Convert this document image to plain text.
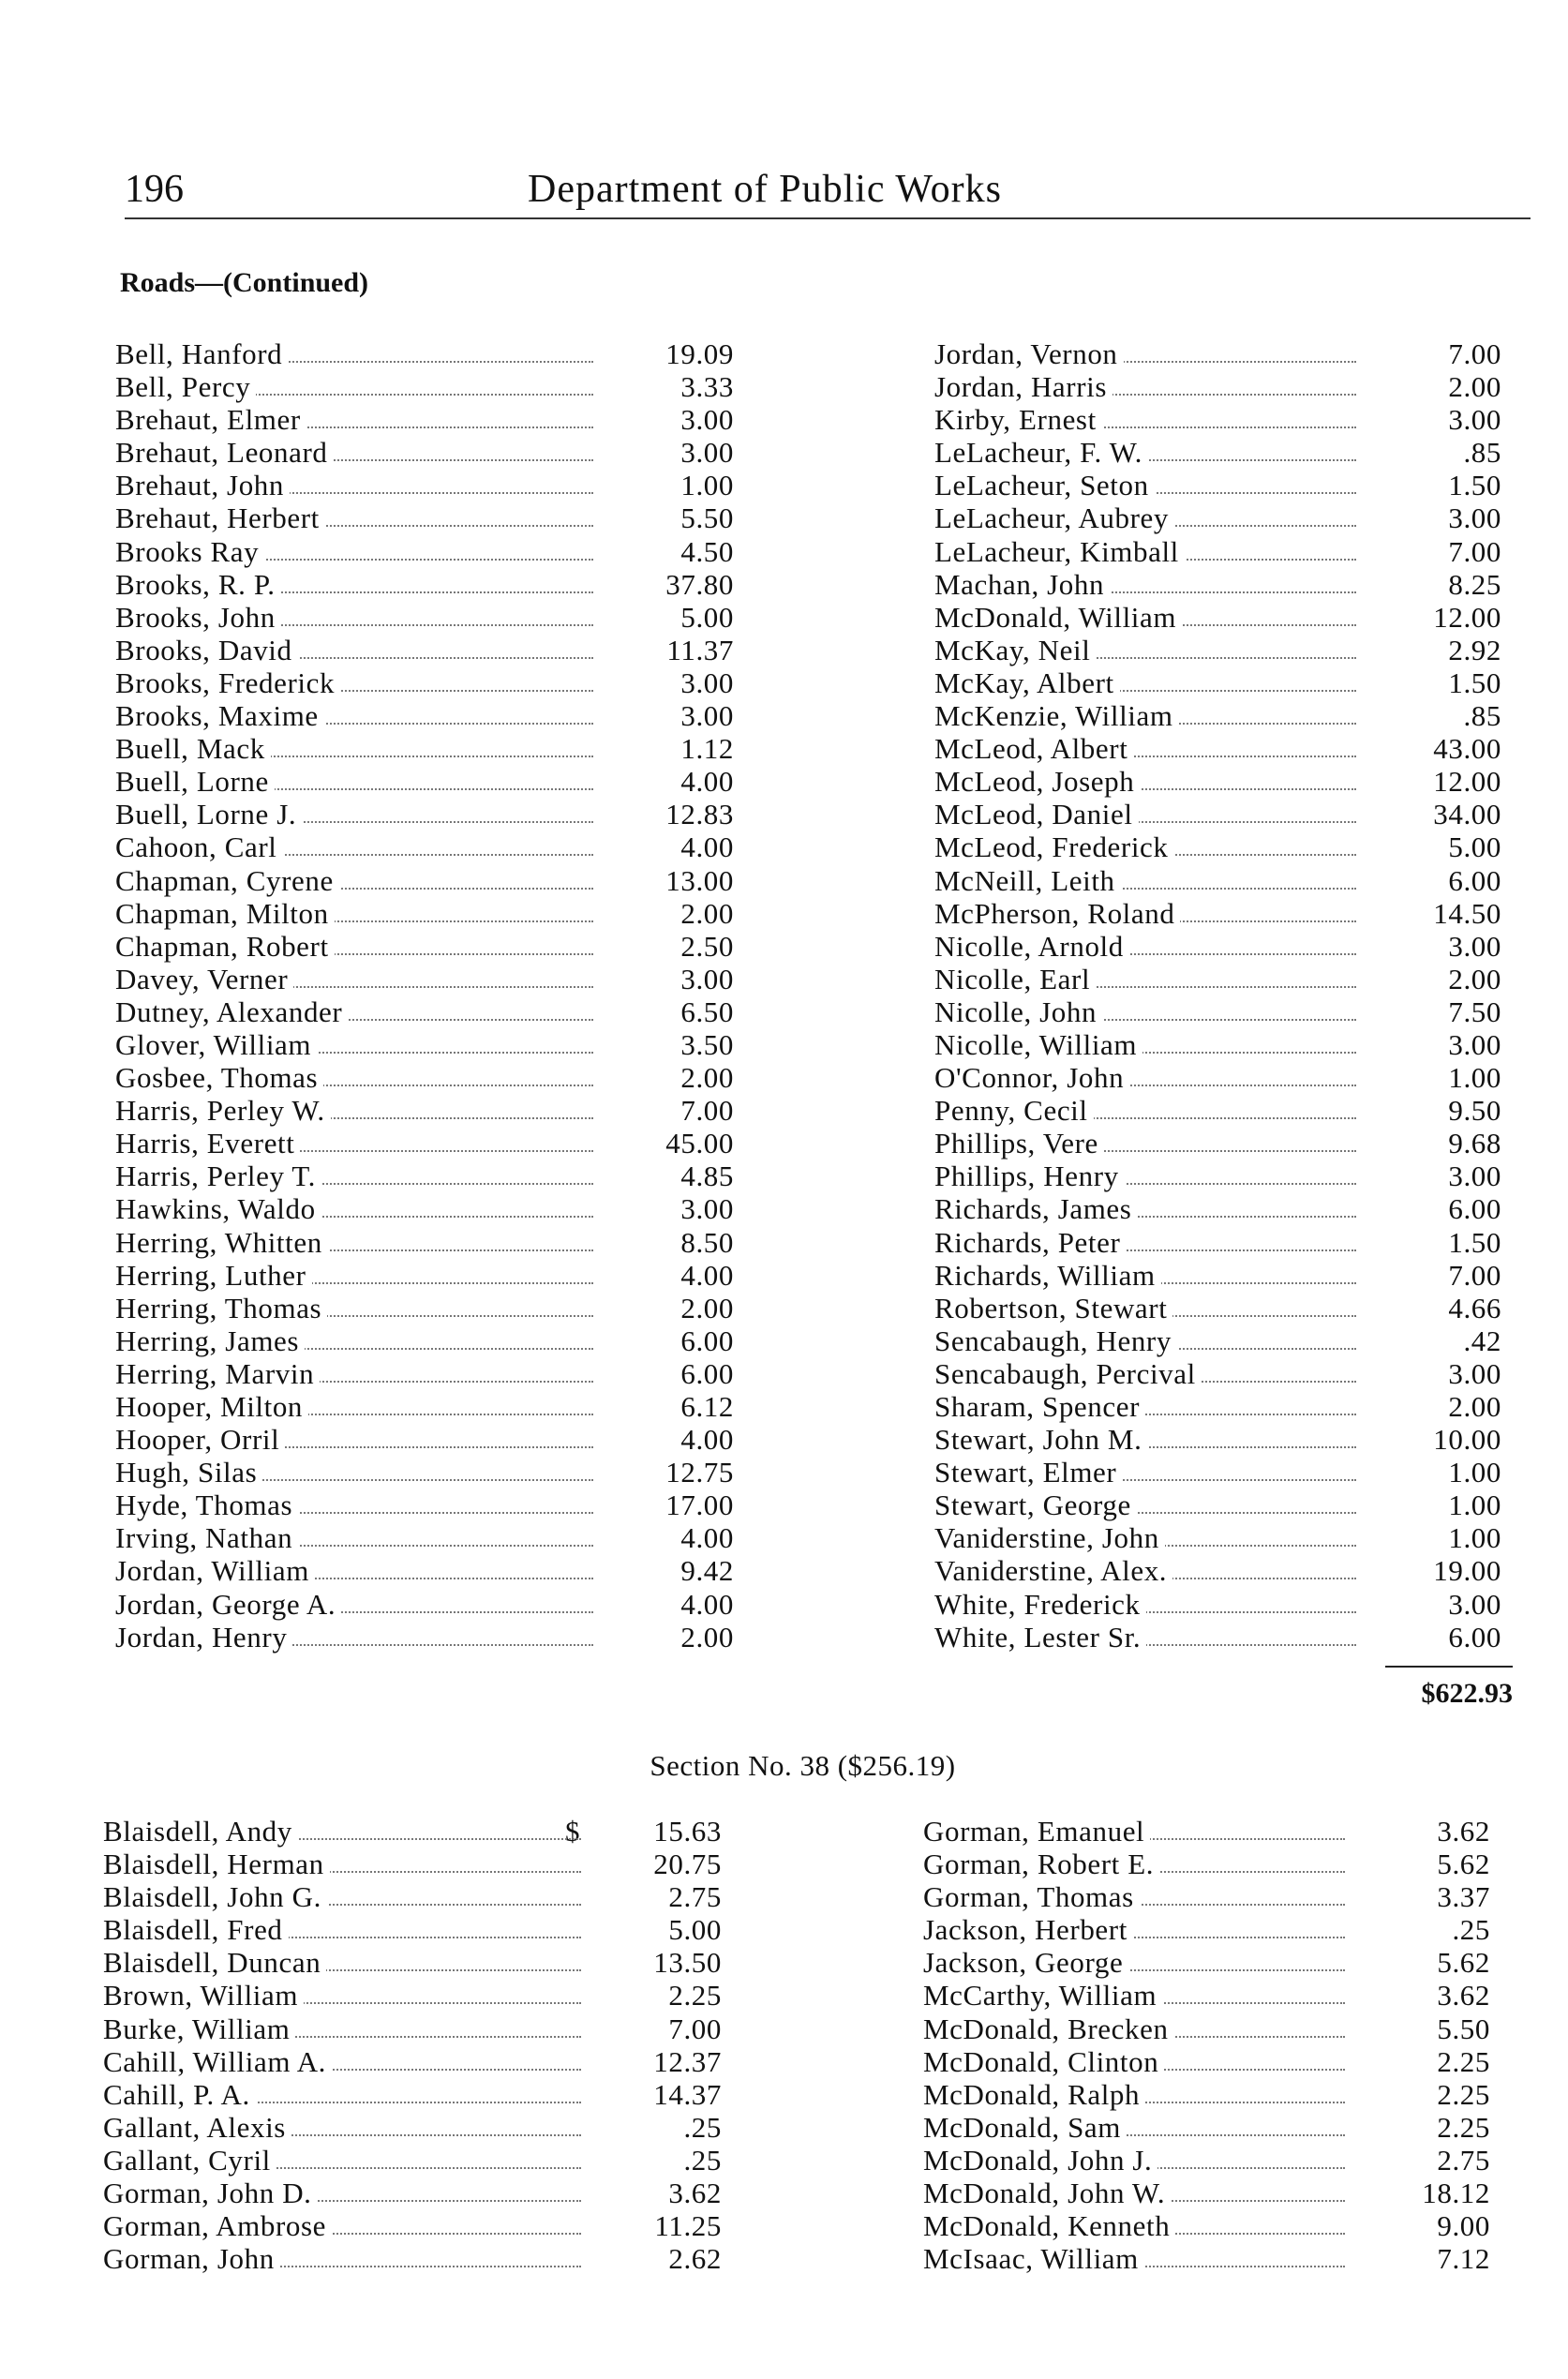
196	Department of Public Works
Roads—(Continued)
Bell, Hanford	19.09
Bell, Percy	3.33
Brehaut, Elmer	3.00
Brehaut, Leonard	3.00
Brehaut, John	1.00
Brehaut, Herbert	5.50
Brooks Ray	4.50
Brooks, R. P.	37.80
Brooks, John	5.00
Brooks, David	11.37
Brooks, Frederick	3.00
Brooks, Maxime	3.00
Buell, Mack	1.12
Buell, Lorne	4.00
Buell, Lorne J.	12.83
Cahoon, Carl	4.00
Chapman, Cyrene	13.00
Chapman, Milton	2.00
Chapman, Robert	2.50
Davey, Verner	3.00
Dutney, Alexander	6.50
Glover, William	3.50
Gosbee, Thomas	2.00
Harris, Perley W.	7.00
Harris, Everett	45.00
Harris, Perley T.	4.85
Hawkins, Waldo	3.00
Herring, Whitten	8.50
Herring, Luther	4.00
Herring, Thomas	2.00
Herring, James	6.00
Herring, Marvin	6.00
Hooper, Milton	6.12
Hooper, Orril	4.00
Hugh, Silas	12.75
Hyde, Thomas	17.00
Irving, Nathan	4.00
Jordan, William	9.42
Jordan, George A.	4.00
Jordan, Henry	2.00
Jordan, Vernon	7.00
Jordan, Harris	2.00
Kirby, Ernest	3.00
LeLacheur, F. W.	.85
LeLacheur, Seton	1.50
LeLacheur, Aubrey	3.00
LeLacheur, Kimball	7.00
Machan, John	8.25
McDonald, William	12.00
McKay, Neil	2.92
McKay, Albert	1.50
McKenzie, William	.85
McLeod, Albert	43.00
McLeod, Joseph	12.00
McLeod, Daniel	34.00
McLeod, Frederick	5.00
McNeill, Leith	6.00
McPherson, Roland	14.50
Nicolle, Arnold	3.00
Nicolle, Earl	2.00
Nicolle, John	7.50
Nicolle, William	3.00
O'Connor, John	1.00
Penny, Cecil	9.50
Phillips, Vere	9.68
Phillips, Henry	3.00
Richards, James	6.00
Richards, Peter	1.50
Richards, William	7.00
Robertson, Stewart	4.66
Sencabaugh, Henry	.42
Sencabaugh, Percival	3.00
Sharam, Spencer	2.00
Stewart, John M.	10.00
Stewart, Elmer	1.00
Stewart, George	1.00
Vaniderstine, John	1.00
Vaniderstine, Alex.	19.00
White, Frederick	3.00
White, Lester Sr.	6.00
$622.93
Section No. 38 ($256.19)
Blaisdell, Andy	$	15.63
Blaisdell, Herman	20.75
Blaisdell, John G.	2.75
Blaisdell, Fred	5.00
Blaisdell, Duncan	13.50
Brown, William	2.25
Burke, William	7.00
Cahill, William A.	12.37
Cahill, P. A.	14.37
Gallant, Alexis	.25
Gallant, Cyril	.25
Gorman, John D.	3.62
Gorman, Ambrose	11.25
Gorman, John	2.62
Gorman, Emanuel	3.62
Gorman, Robert E.	5.62
Gorman, Thomas	3.37
Jackson, Herbert	.25
Jackson, George	5.62
McCarthy, William	3.62
McDonald, Brecken	5.50
McDonald, Clinton	2.25
McDonald, Ralph	2.25
McDonald, Sam	2.25
McDonald, John J.	2.75
McDonald, John W.	18.12
McDonald, Kenneth	9.00
McIsaac, William	7.12
